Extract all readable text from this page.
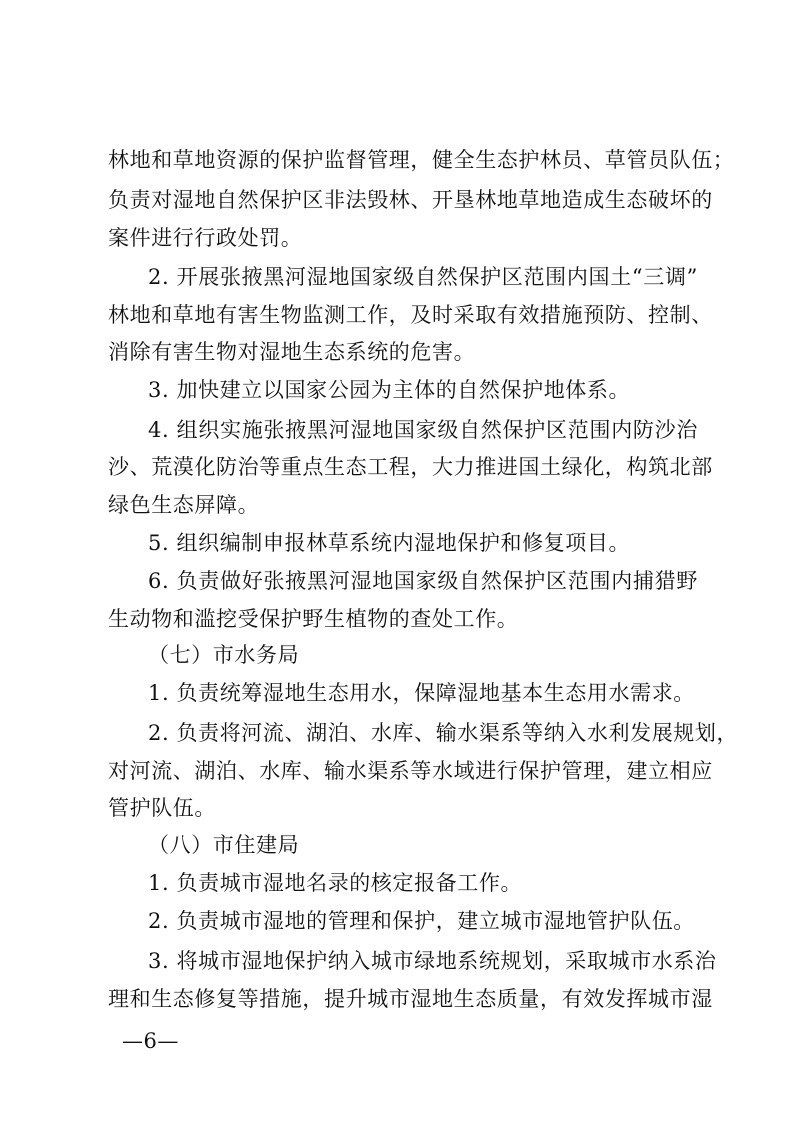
林地和草地资源的保护监督管理，健全生态护林员、草管员队伍；
负责对湿地自然保护区非法毁林、开垦林地草地造成生态破坏的
案件进行行政处罚。
2. 开展张掖黑河湿地国家级自然保护区范围内国土“三调”
林地和草地有害生物监测工作，及时采取有效措施预防、控制、
消除有害生物对湿地生态系统的危害。
3. 加快建立以国家公园为主体的自然保护地体系。
4. 组织实施张掖黑河湿地国家级自然保护区范围内防沙治
沙、荒漠化防治等重点生态工程，大力推进国土绿化，构筑北部
绿色生态屏障。
5. 组织编制申报林草系统内湿地保护和修复项目。
6. 负责做好张掖黑河湿地国家级自然保护区范围内捕猎野
生动物和滥挖受保护野生植物的查处工作。
（七）市水务局
1. 负责统筹湿地生态用水，保障湿地基本生态用水需求。
2. 负责将河流、湖泊、水库、输水渠系等纳入水利发展规划，
对河流、湖泊、水库、输水渠系等水域进行保护管理，建立相应
管护队伍。
（八）市住建局
1. 负责城市湿地名录的核定报备工作。
2. 负责城市湿地的管理和保护，建立城市湿地管护队伍。
3. 将城市湿地保护纳入城市绿地系统规划，采取城市水系治
理和生态修复等措施，提升城市湿地生态质量，有效发挥城市湿
—6—
